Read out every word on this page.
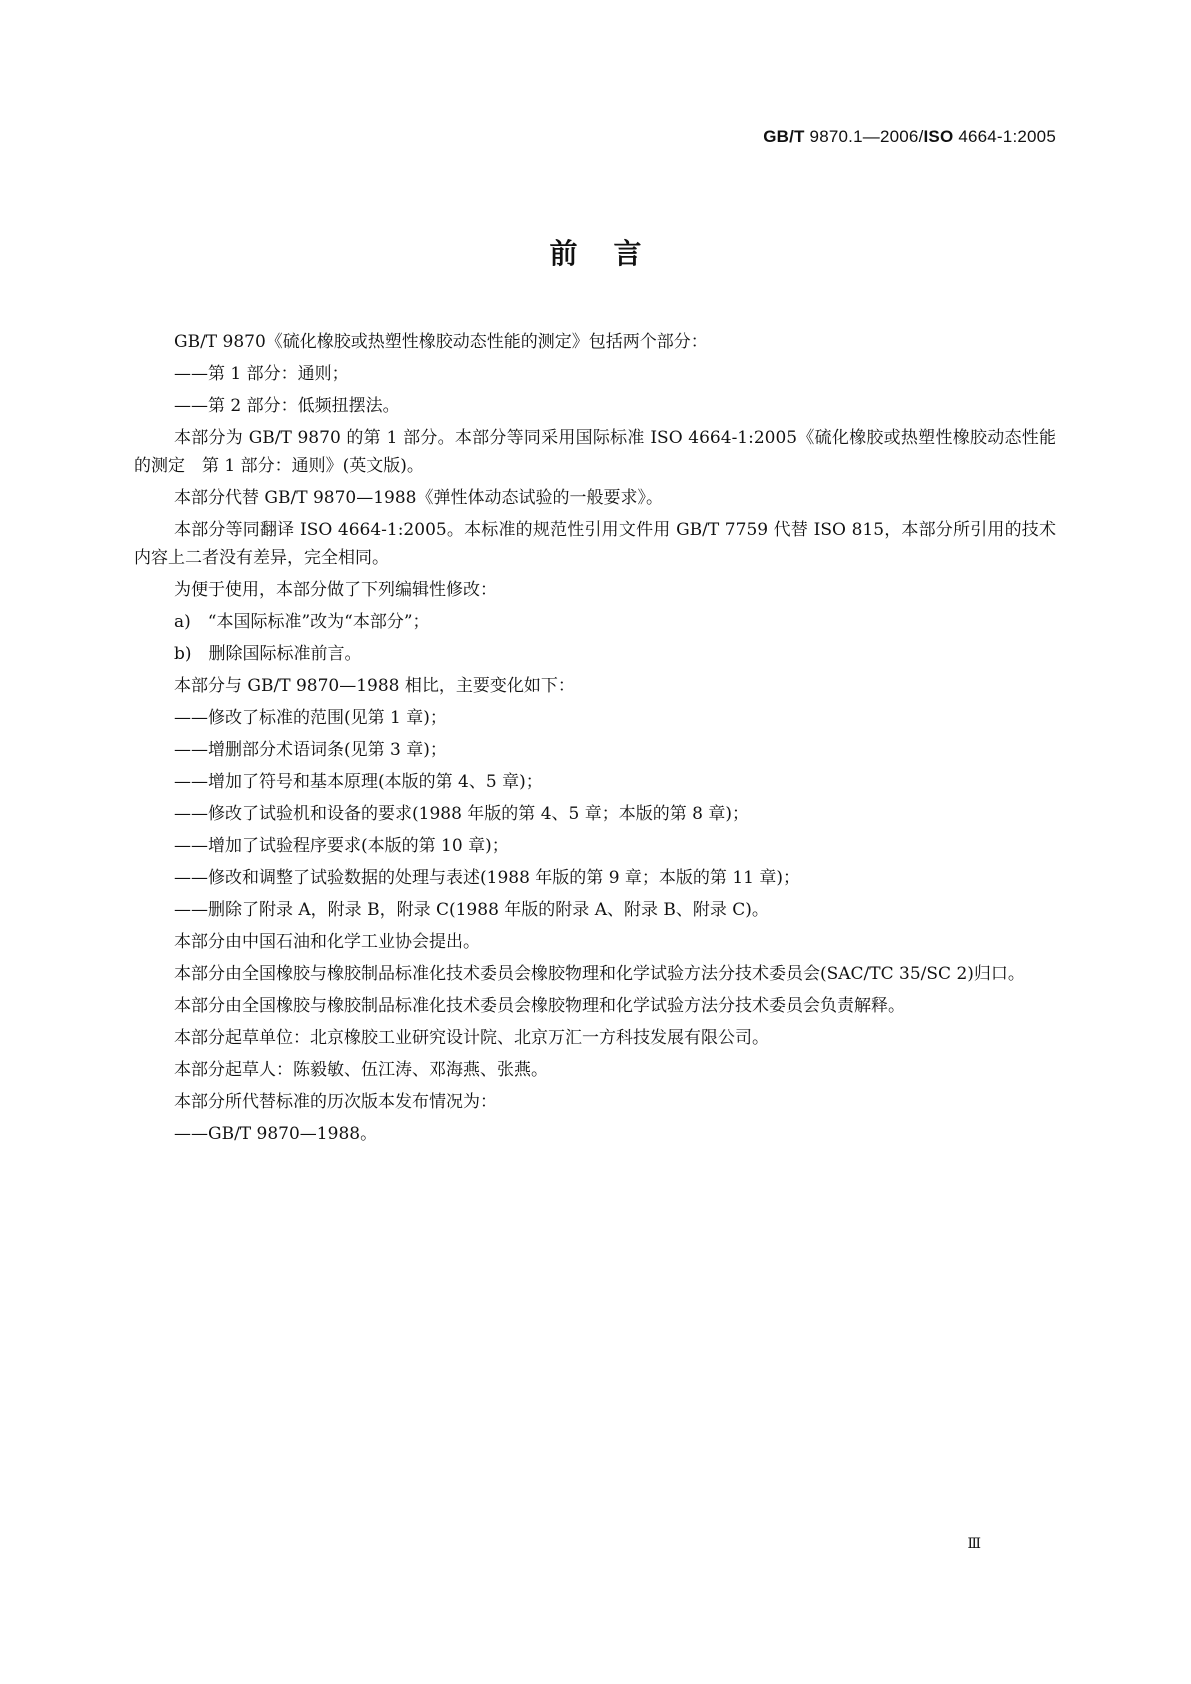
GB/T 9870.1—2006/ISO 4664-1:2005
前言

GB/T 9870《硫化橡胶或热塑性橡胶动态性能的测定》包括两个部分：

——第 1 部分：通则；

——第 2 部分：低频扭摆法。

本部分为 GB/T 9870 的第 1 部分。本部分等同采用国际标准 ISO 4664-1:2005《硫化橡胶或热塑性橡胶动态性能的测定　第 1 部分：通则》(英文版)。

本部分代替 GB/T 9870—1988《弹性体动态试验的一般要求》。

本部分等同翻译 ISO 4664-1:2005。本标准的规范性引用文件用 GB/T 7759 代替 ISO 815，本部分所引用的技术内容上二者没有差异，完全相同。

为便于使用，本部分做了下列编辑性修改：

a)　“本国际标准”改为“本部分”；

b)　删除国际标准前言。

本部分与 GB/T 9870—1988 相比，主要变化如下：

——修改了标准的范围(见第 1 章)；

——增删部分术语词条(见第 3 章)；

——增加了符号和基本原理(本版的第 4、5 章)；

——修改了试验机和设备的要求(1988 年版的第 4、5 章；本版的第 8 章)；

——增加了试验程序要求(本版的第 10 章)；

——修改和调整了试验数据的处理与表述(1988 年版的第 9 章；本版的第 11 章)；

——删除了附录 A，附录 B，附录 C(1988 年版的附录 A、附录 B、附录 C)。

本部分由中国石油和化学工业协会提出。

本部分由全国橡胶与橡胶制品标准化技术委员会橡胶物理和化学试验方法分技术委员会(SAC/TC 35/SC 2)归口。

本部分由全国橡胶与橡胶制品标准化技术委员会橡胶物理和化学试验方法分技术委员会负责解释。

本部分起草单位：北京橡胶工业研究设计院、北京万汇一方科技发展有限公司。

本部分起草人：陈毅敏、伍江涛、邓海燕、张燕。

本部分所代替标准的历次版本发布情况为：

——GB/T 9870—1988。

Ⅲ
